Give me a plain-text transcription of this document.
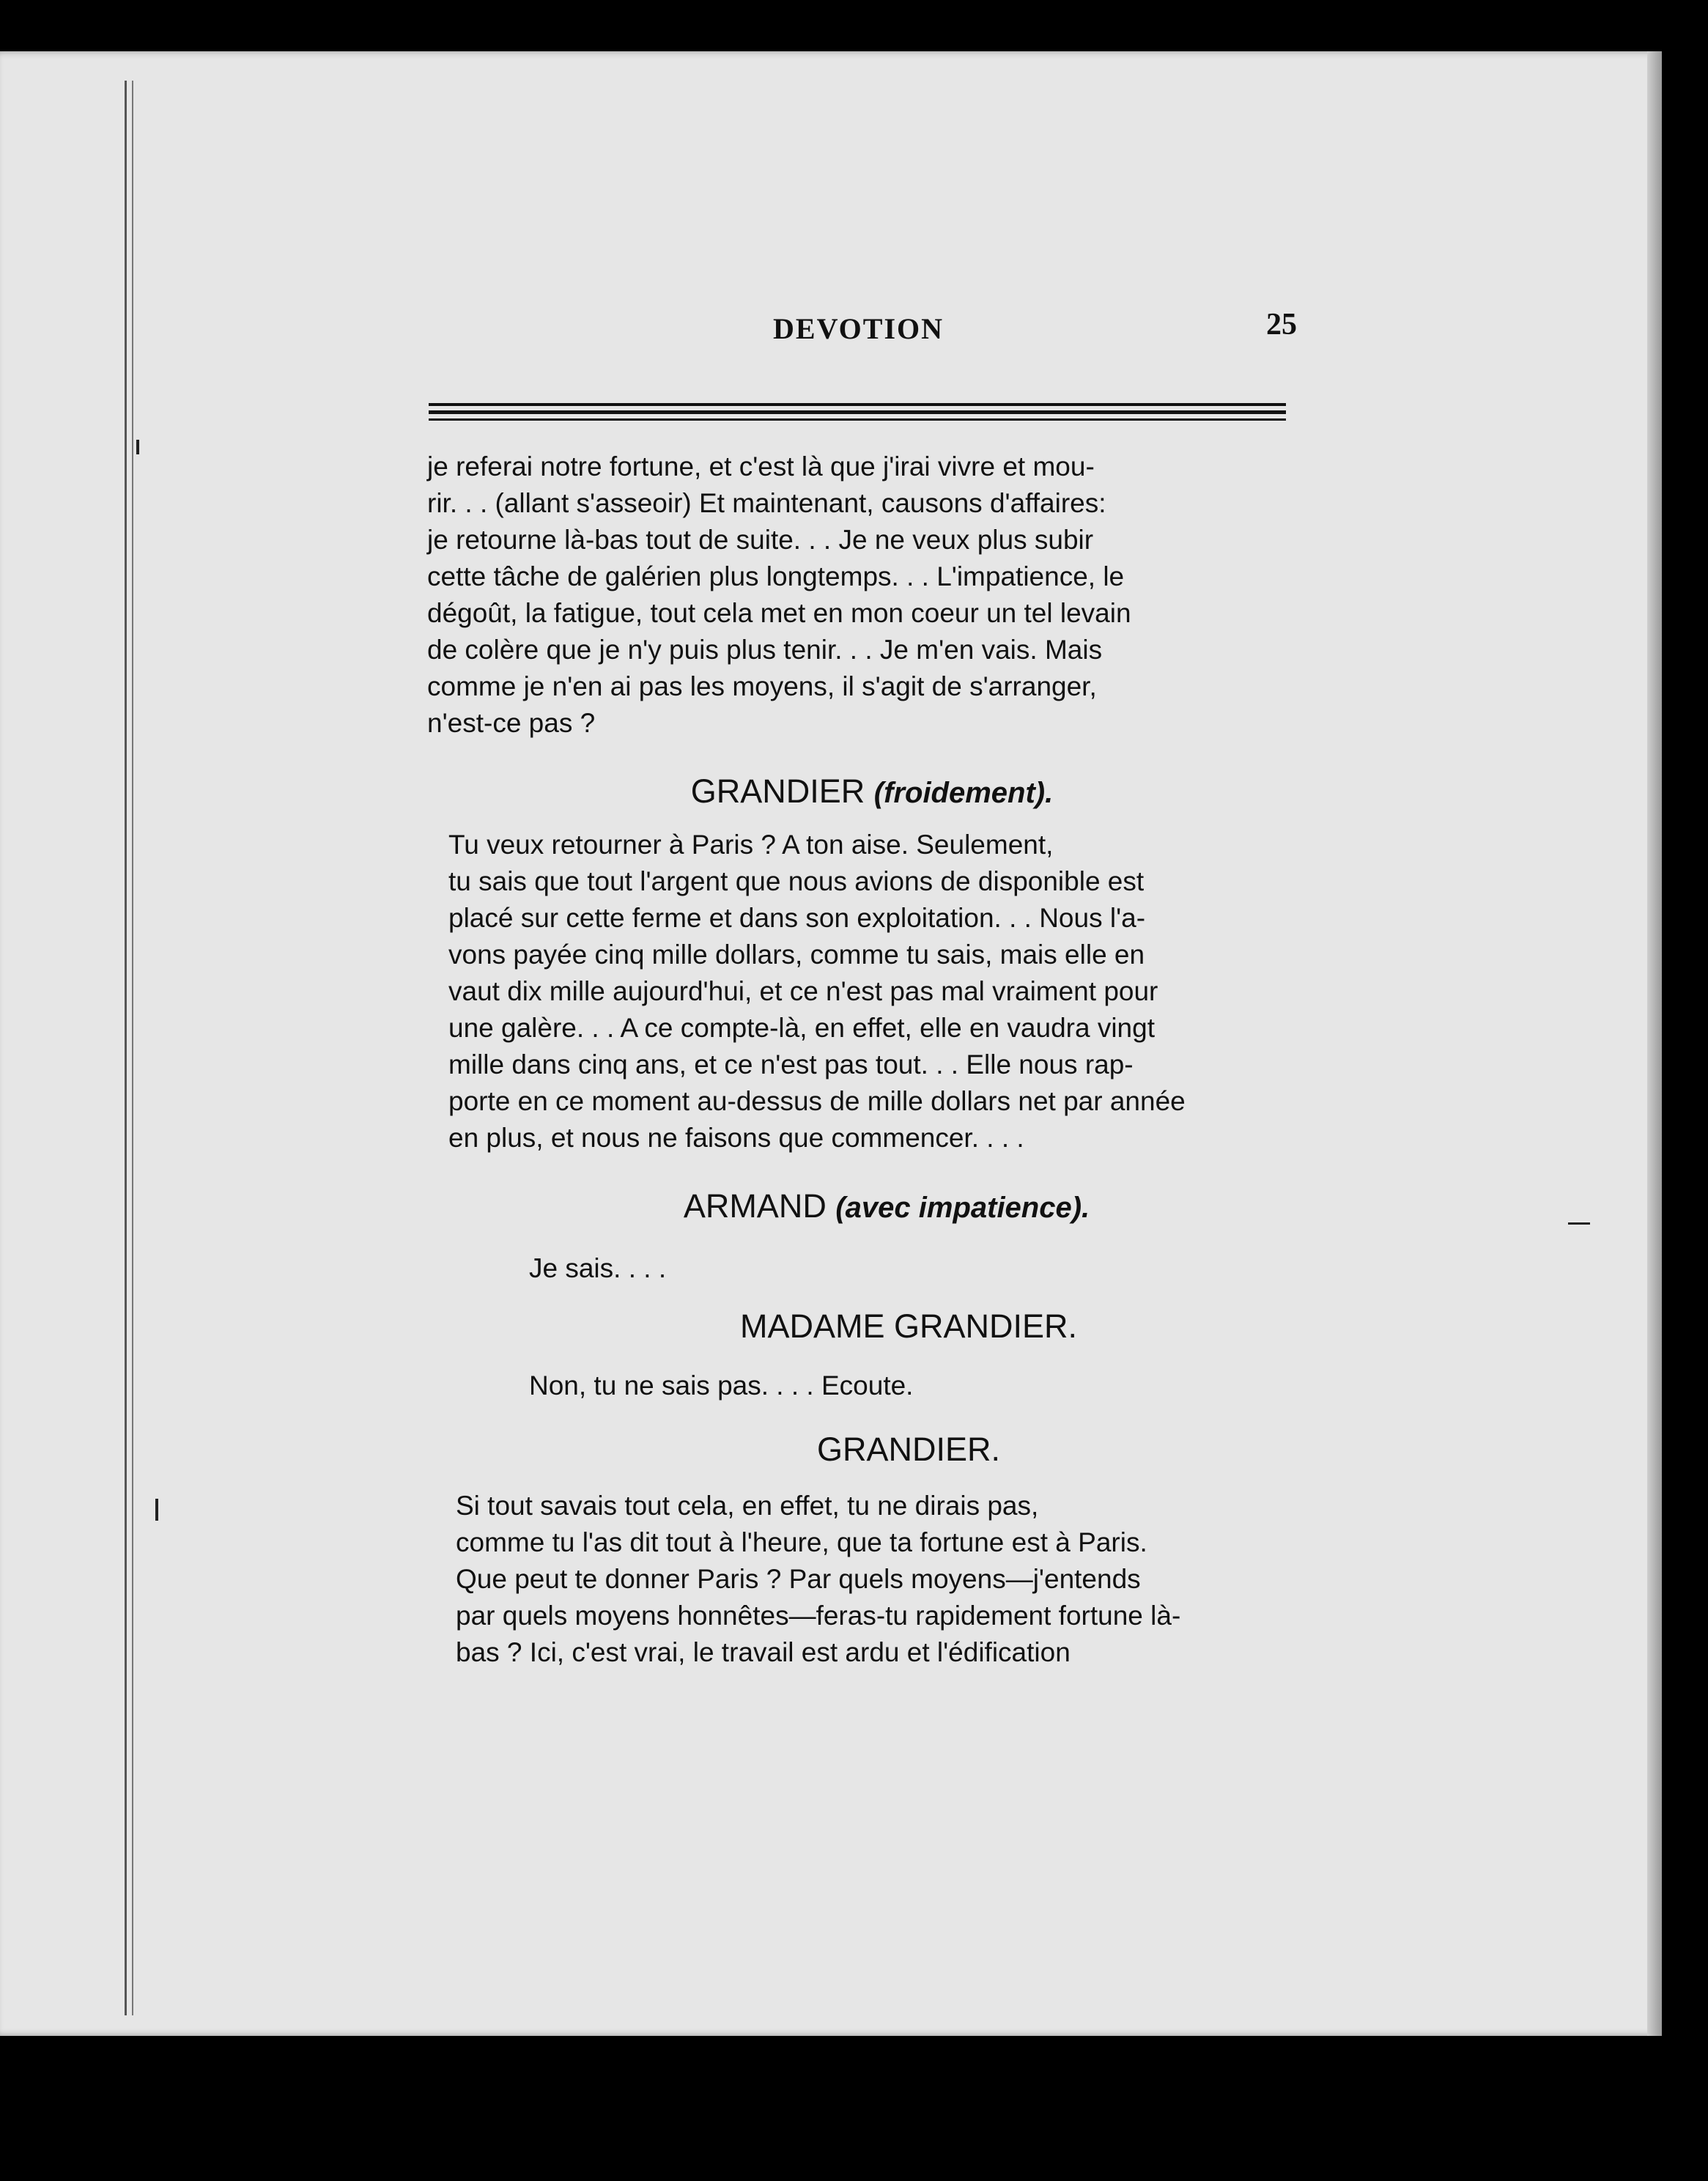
DEVOTION	25
je referai notre fortune, et c'est là que j'irai vivre et mou-
rir. . . (allant s'asseoir) Et maintenant, causons d'affaires:
je retourne là-bas tout de suite. . . Je ne veux plus subir
cette tâche de galérien plus longtemps. . . L'impatience, le
dégoût, la fatigue, tout cela met en mon coeur un tel levain
de colère que je n'y puis plus tenir. . . Je m'en vais. Mais
comme je n'en ai pas les moyens, il s'agit de s'arranger,
n'est-ce pas ?
GRANDIER (froidement).
Tu veux retourner à Paris ? A ton aise. Seulement,
tu sais que tout l'argent que nous avions de disponible est
placé sur cette ferme et dans son exploitation. . . Nous l'a-
vons payée cinq mille dollars, comme tu sais, mais elle en
vaut dix mille aujourd'hui, et ce n'est pas mal vraiment pour
une galère. . . A ce compte-là, en effet, elle en vaudra vingt
mille dans cinq ans, et ce n'est pas tout. . . Elle nous rap-
porte en ce moment au-dessus de mille dollars net par année
en plus, et nous ne faisons que commencer. . . .
ARMAND (avec impatience).
Je sais. . . .
MADAME GRANDIER.
Non, tu ne sais pas. . . . Ecoute.
GRANDIER.
Si tout savais tout cela, en effet, tu ne dirais pas,
comme tu l'as dit tout à l'heure, que ta fortune est à Paris.
Que peut te donner Paris ? Par quels moyens—j'entends
par quels moyens honnêtes—feras-tu rapidement fortune là-
bas ? Ici, c'est vrai, le travail est ardu et l'édification
